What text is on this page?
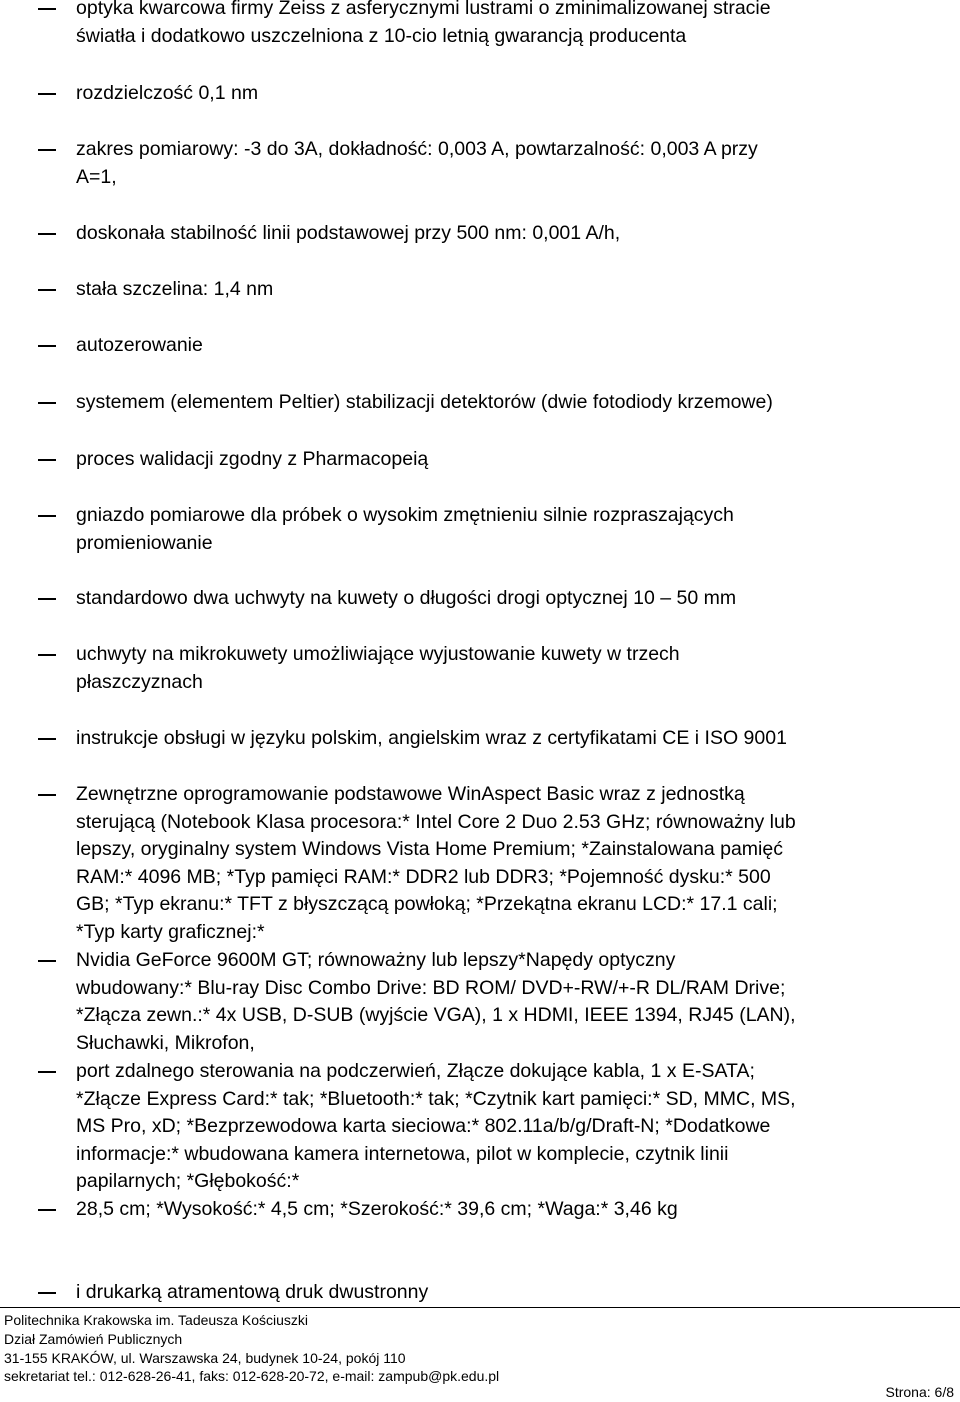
optyka kwarcowa firmy Zeiss z asferycznymi lustrami o zminimalizowanej stracie
światła i dodatkowo uszczelniona z 10-cio letnią gwarancją producenta
rozdzielczość 0,1 nm
zakres pomiarowy: -3 do 3A, dokładność: 0,003 A, powtarzalność: 0,003 A przy
A=1,
doskonała stabilność linii podstawowej przy 500 nm: 0,001 A/h,
stała szczelina: 1,4 nm
autozerowanie
systemem (elementem Peltier) stabilizacji detektorów (dwie fotodiody krzemowe)
proces walidacji zgodny z Pharmacopeią
gniazdo pomiarowe dla próbek o wysokim zmętnieniu silnie rozpraszających
promieniowanie
standardowo dwa uchwyty na kuwety o długości drogi optycznej 10 – 50 mm
uchwyty na mikrokuwety umożliwiające wyjustowanie kuwety w trzech
płaszczyznach
instrukcje obsługi w języku polskim, angielskim wraz z certyfikatami CE i ISO 9001
Zewnętrzne oprogramowanie podstawowe WinAspect Basic wraz z jednostką
sterującą (Notebook Klasa procesora:* Intel Core 2 Duo 2.53 GHz; równoważny lub
lepszy, oryginalny system Windows Vista Home Premium; *Zainstalowana pamięć
RAM:* 4096 MB; *Typ pamięci RAM:* DDR2 lub DDR3; *Pojemność dysku:* 500
GB; *Typ ekranu:* TFT z błyszczącą powłoką; *Przekątna ekranu LCD:* 17.1 cali;
*Typ karty graficznej:*
Nvidia GeForce 9600M GT; równoważny lub lepszy*Napędy optyczny
wbudowany:* Blu-ray Disc Combo Drive: BD ROM/ DVD+-RW/+-R DL/RAM Drive;
*Złącza zewn.:* 4x USB, D-SUB (wyjście VGA), 1 x HDMI, IEEE 1394, RJ45 (LAN),
Słuchawki, Mikrofon,
port zdalnego sterowania na podczerwień, Złącze dokujące kabla, 1 x E-SATA;
*Złącze Express Card:* tak; *Bluetooth:* tak; *Czytnik kart pamięci:* SD, MMC, MS,
MS Pro, xD; *Bezprzewodowa karta sieciowa:* 802.11a/b/g/Draft-N; *Dodatkowe
informacje:* wbudowana kamera internetowa, pilot w komplecie, czytnik linii
papilarnych; *Głębokość:*
28,5 cm; *Wysokość:* 4,5 cm; *Szerokość:* 39,6 cm; *Waga:* 3,46 kg
i drukarką atramentową druk dwustronny
Politechnika Krakowska im. Tadeusza Kościuszki
Dział Zamówień Publicznych
31-155 KRAKÓW, ul. Warszawska 24, budynek 10-24, pokój 110
sekretariat tel.: 012-628-26-41, faks: 012-628-20-72, e-mail: zampub@pk.edu.pl
Strona: 6/8
